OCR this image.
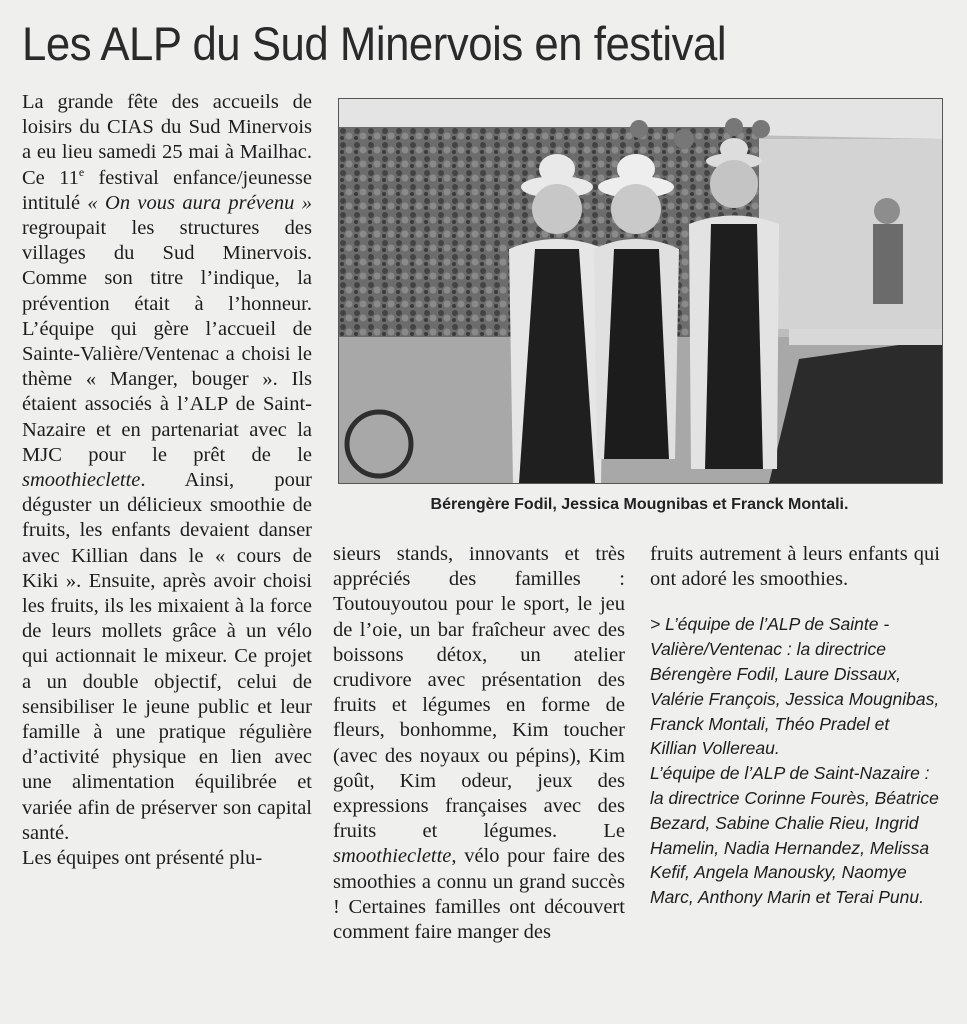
Les ALP du Sud Minervois en festival

La grande fête des accueils de loisirs du CIAS du Sud Minervois a eu lieu samedi 25 mai à Mailhac. Ce 11e festival enfance/jeunesse intitulé « On vous aura prévenu » regroupait les structures des villages du Sud Minervois. Comme son titre l’indique, la prévention était à l’honneur. L’équipe qui gère l’accueil de Sainte-Valière/Ventenac a choisi le thème « Manger, bouger ». Ils étaient associés à l’ALP de Saint-Nazaire et en partenariat avec la MJC pour le prêt de le smoothieclette. Ainsi, pour déguster un délicieux smoothie de fruits, les enfants devaient danser avec Killian dans le « cours de Kiki ». Ensuite, après avoir choisi les fruits, ils les mixaient à la force de leurs mollets grâce à un vélo qui actionnait le mixeur. Ce projet a un double objectif, celui de sensibiliser le jeune public et leur famille à une pratique régulière d’activité physique en lien avec une alimentation équilibrée et variée afin de préserver son capital santé.

Les équipes ont présenté plu-

Bérengère Fodil, Jessica Mougnibas et Franck Montali.

sieurs stands, innovants et très appréciés des familles : Toutouyoutou pour le sport, le jeu de l’oie, un bar fraîcheur avec des boissons détox, un atelier crudivore avec présentation des fruits et légumes en forme de fleurs, bonhomme, Kim toucher (avec des noyaux ou pépins), Kim goût, Kim odeur, jeux des expressions françaises avec des fruits et légumes. Le smoothieclette, vélo pour faire des smoothies a connu un grand succès ! Certaines familles ont découvert comment faire manger des

fruits autrement à leurs enfants qui ont adoré les smoothies.

> L’équipe de l’ALP de Sainte - Valière/Ventenac : la directrice Bérengère Fodil, Laure Dissaux, Valérie François, Jessica Mougnibas, Franck Montali, Théo Pradel et Killian Vollereau.

L’équipe de l’ALP de Saint-Nazaire : la directrice Corinne Fourès, Béatrice Bezard, Sabine Chalie Rieu, Ingrid Hamelin, Nadia Hernandez, Melissa Kefif, Angela Manousky, Naomye Marc, Anthony Marin et Terai Punu.
